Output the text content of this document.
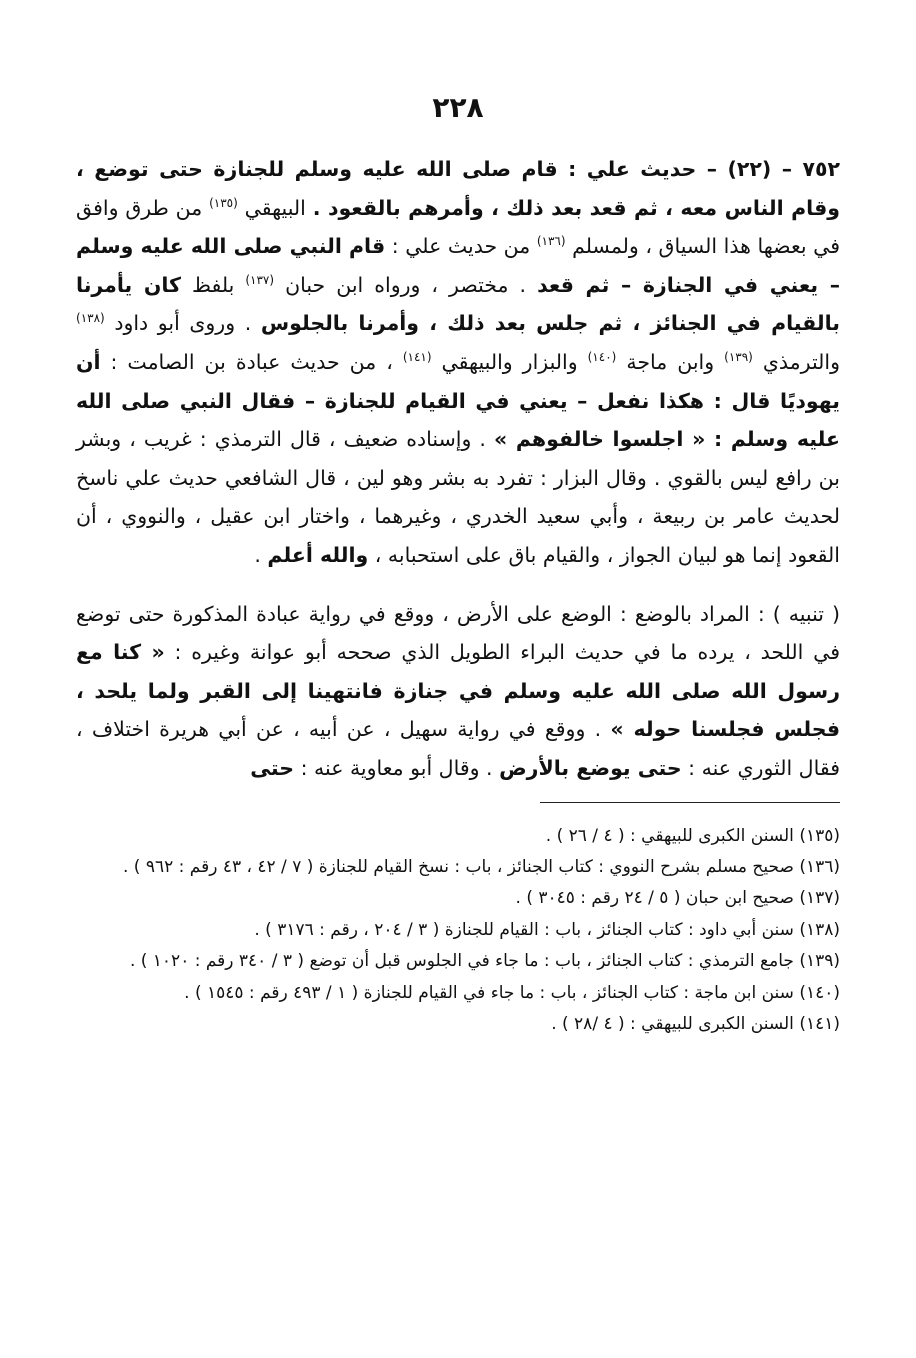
٢٢٨

٧٥٢ – (٢٢) – حديث علي : قام صلى الله عليه وسلم للجنازة حتى توضع ، وقام الناس معه ، ثم قعد بعد ذلك ، وأمرهم بالقعود . البيهقي $^{(١٣٥)}$ من طرق وافق في بعضها هذا السياق ، ولمسلم $^{(١٣٦)}$ من حديث علي : قام النبي صلى الله عليه وسلم – يعني في الجنازة – ثم قعد . مختصر ، ورواه ابن حبان $^{(١٣٧)}$ بلفظ كان يأمرنا بالقيام في الجنائز ، ثم جلس بعد ذلك ، وأمرنا بالجلوس . وروى أبو داود $^{(١٣٨)}$ والترمذي $^{(١٣٩)}$ وابن ماجة $^{(١٤٠)}$ والبزار والبيهقي $^{(١٤١)}$ ، من حديث عبادة بن الصامت : أن يهوديًا قال : هكذا نفعل – يعني في القيام للجنازة – فقال النبي صلى الله عليه وسلم : « اجلسوا خالفوهم » . وإسناده ضعيف ، قال الترمذي : غريب ، وبشر بن رافع ليس بالقوي . وقال البزار : تفرد به بشر وهو لين ، قال الشافعي حديث علي ناسخ لحديث عامر بن ربيعة ، وأبي سعيد الخدري ، وغيرهما ، واختار ابن عقيل ، والنووي ، أن القعود إنما هو لبيان الجواز ، والقيام باق على استحبابه ، والله أعلم .

( تنبيه ) : المراد بالوضع : الوضع على الأرض ، ووقع في رواية عبادة المذكورة حتى توضع في اللحد ، يرده ما في حديث البراء الطويل الذي صححه أبو عوانة وغيره : « كنا مع رسول الله صلى الله عليه وسلم في جنازة فانتهينا إلى القبر ولما يلحد ، فجلس فجلسنا حوله » . ووقع في رواية سهيل ، عن أبيه ، عن أبي هريرة اختلاف ، فقال الثوري عنه : حتى يوضع بالأرض . وقال أبو معاوية عنه : حتى

(١٣٥) السنن الكبرى للبيهقي : ( ٤ / ٢٦ ) .

(١٣٦) صحيح مسلم بشرح النووي : كتاب الجنائز ، باب : نسخ القيام للجنازة ( ٧ / ٤٢ ، ٤٣ رقم : ٩٦٢ ) .

(١٣٧) صحيح ابن حبان ( ٥ / ٢٤ رقم : ٣٠٤٥ ) .

(١٣٨) سنن أبي داود : كتاب الجنائز ، باب : القيام للجنازة ( ٣ / ٢٠٤ ، رقم : ٣١٧٦ ) .

(١٣٩) جامع الترمذي : كتاب الجنائز ، باب : ما جاء في الجلوس قبل أن توضع ( ٣ / ٣٤٠ رقم : ١٠٢٠ ) .

(١٤٠) سنن ابن ماجة : كتاب الجنائز ، باب : ما جاء في القيام للجنازة ( ١ / ٤٩٣ رقم : ١٥٤٥ ) .

(١٤١) السنن الكبرى للبيهقي : ( ٤ /٢٨ ) .
